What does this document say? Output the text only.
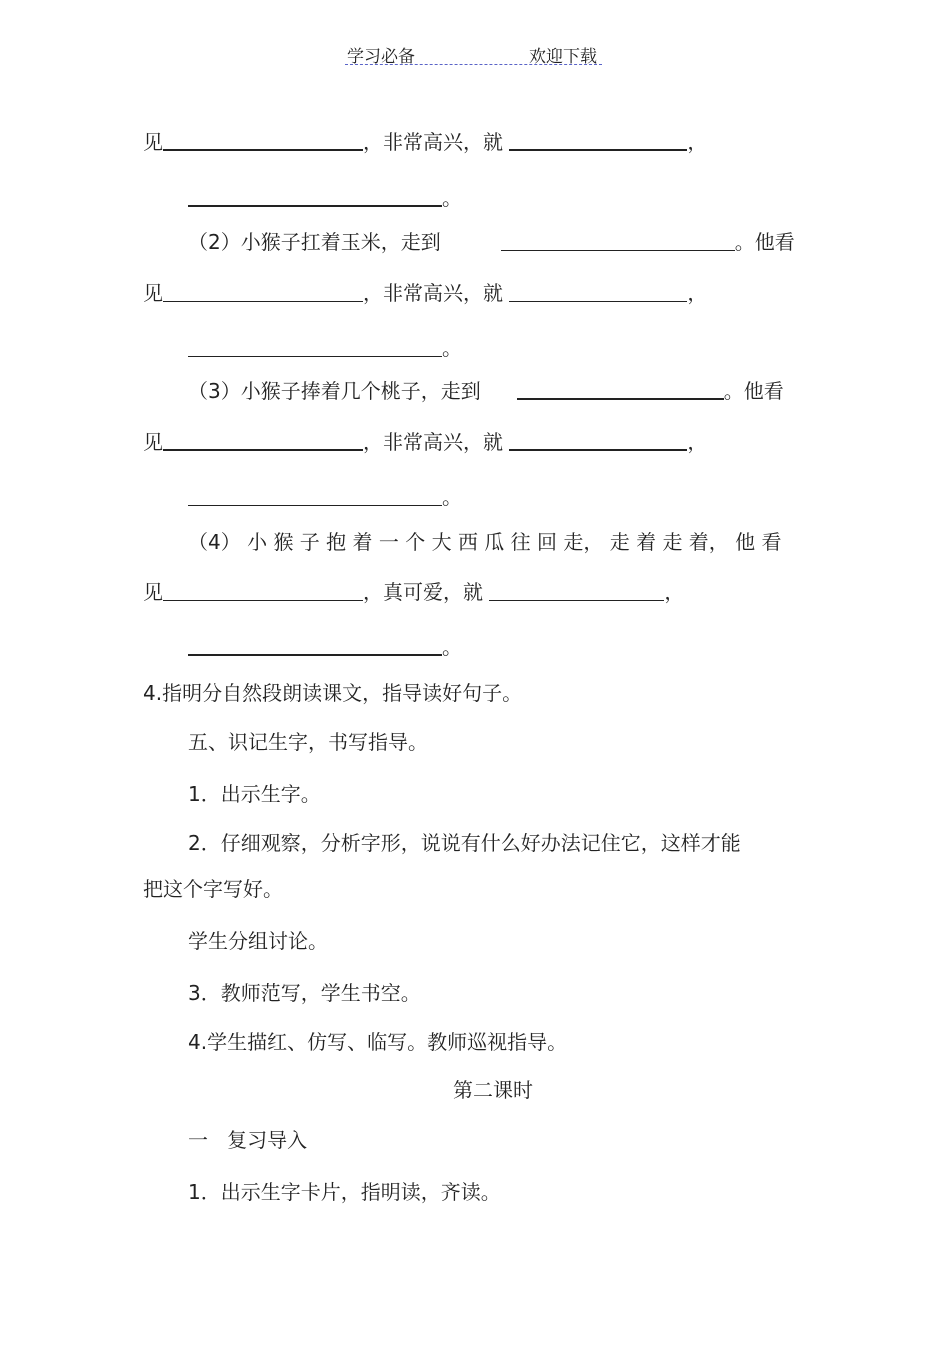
学习必备	欢迎下载
见	，非常高兴，就	，
。
（2）小猴子扛着玉米，走到	。他看
见	，非常高兴，就	，
。
（3）小猴子捧着几个桃子，走到	。他看
见	，非常高兴，就	，
。
（4） 小 猴 子 抱 着 一 个 大 西 瓜 往 回 走， 走 着 走 着， 他 看
见	，真可爱，就	，
。
4.指明分自然段朗读课文，指导读好句子。
五、识记生字，书写指导。
1．出示生字。
2．仔细观察，分析字形，说说有什么好办法记住它，这样才能
把这个字写好。
学生分组讨论。
3．教师范写，学生书空。
4.学生描红、仿写、临写。教师巡视指导。
第二课时
一   复习导入
1．出示生字卡片，指明读，齐读。
